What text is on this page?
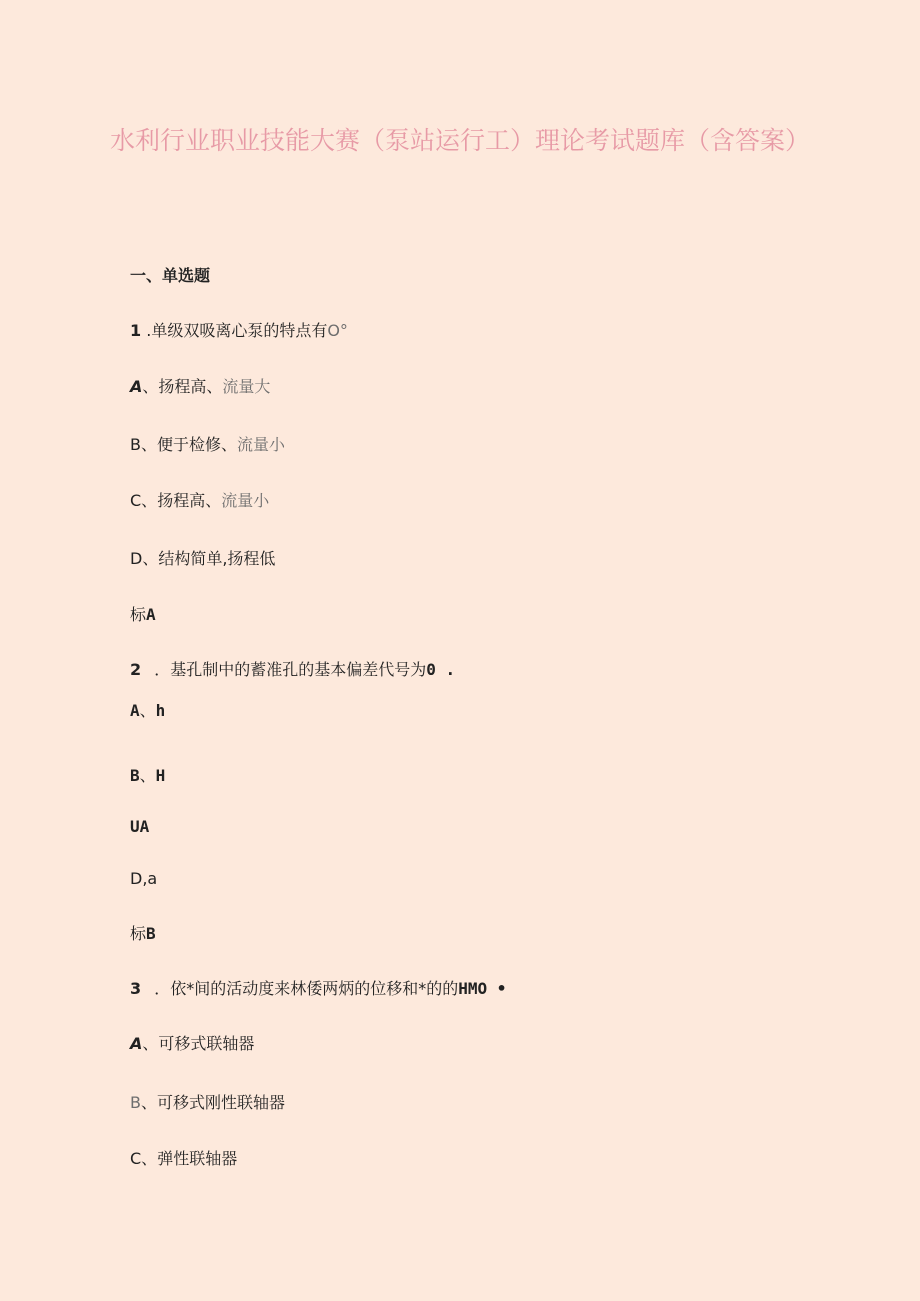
水利行业职业技能大赛（泵站运行工）理论考试题库（含答案）
一、单选题
1 .单级双吸离心泵的特点有O°
A、扬程高、流量大
B、便于检修、流量小
C、扬程高、流量小
D、结构简单,扬程低
标A
2 ．基孔制中的蓄准孔的基本偏差代号为0 .
A、h
B、H
UA
D,a
标B
3 ．依*间的活动度来林倭两炳的位移和*的的HMO •
A、可移式联轴器
B、可移式刚性联轴器
C、弹性联轴器
